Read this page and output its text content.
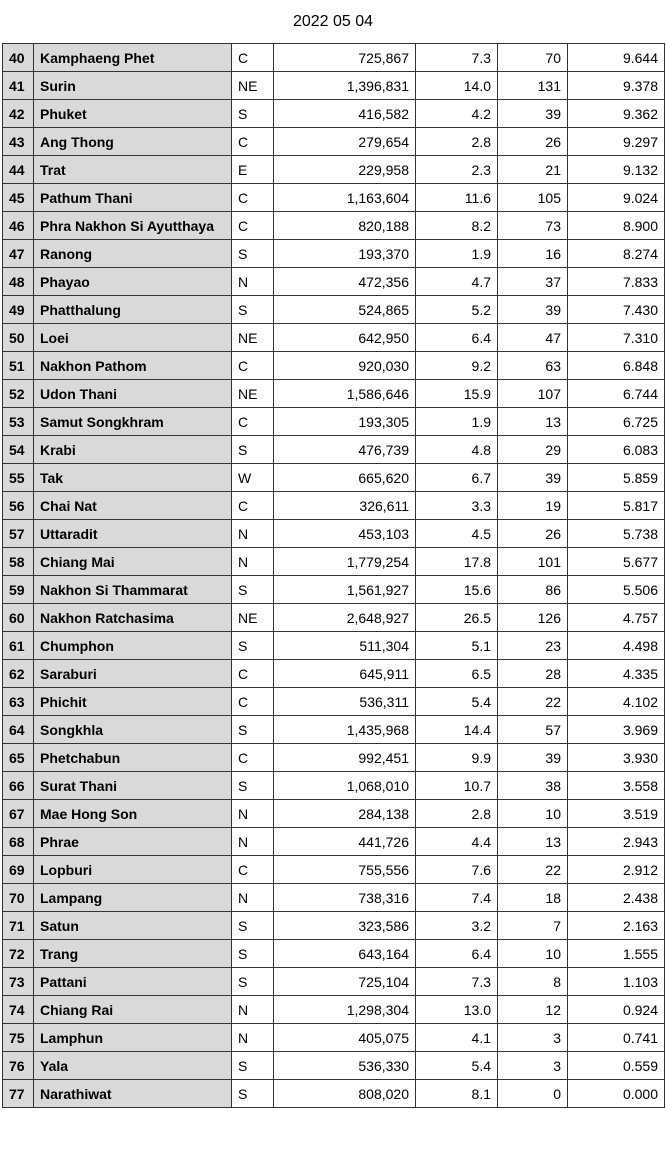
2022 05 04
40	Kamphaeng Phet	C	725,867	7.3	70	9.644
41	Surin	NE	1,396,831	14.0	131	9.378
42	Phuket	S	416,582	4.2	39	9.362
43	Ang Thong	C	279,654	2.8	26	9.297
44	Trat	E	229,958	2.3	21	9.132
45	Pathum Thani	C	1,163,604	11.6	105	9.024
46	Phra Nakhon Si Ayutthaya	C	820,188	8.2	73	8.900
47	Ranong	S	193,370	1.9	16	8.274
48	Phayao	N	472,356	4.7	37	7.833
49	Phatthalung	S	524,865	5.2	39	7.430
50	Loei	NE	642,950	6.4	47	7.310
51	Nakhon Pathom	C	920,030	9.2	63	6.848
52	Udon Thani	NE	1,586,646	15.9	107	6.744
53	Samut Songkhram	C	193,305	1.9	13	6.725
54	Krabi	S	476,739	4.8	29	6.083
55	Tak	W	665,620	6.7	39	5.859
56	Chai Nat	C	326,611	3.3	19	5.817
57	Uttaradit	N	453,103	4.5	26	5.738
58	Chiang Mai	N	1,779,254	17.8	101	5.677
59	Nakhon Si Thammarat	S	1,561,927	15.6	86	5.506
60	Nakhon Ratchasima	NE	2,648,927	26.5	126	4.757
61	Chumphon	S	511,304	5.1	23	4.498
62	Saraburi	C	645,911	6.5	28	4.335
63	Phichit	C	536,311	5.4	22	4.102
64	Songkhla	S	1,435,968	14.4	57	3.969
65	Phetchabun	C	992,451	9.9	39	3.930
66	Surat Thani	S	1,068,010	10.7	38	3.558
67	Mae Hong Son	N	284,138	2.8	10	3.519
68	Phrae	N	441,726	4.4	13	2.943
69	Lopburi	C	755,556	7.6	22	2.912
70	Lampang	N	738,316	7.4	18	2.438
71	Satun	S	323,586	3.2	7	2.163
72	Trang	S	643,164	6.4	10	1.555
73	Pattani	S	725,104	7.3	8	1.103
74	Chiang Rai	N	1,298,304	13.0	12	0.924
75	Lamphun	N	405,075	4.1	3	0.741
76	Yala	S	536,330	5.4	3	0.559
77	Narathiwat	S	808,020	8.1	0	0.000
